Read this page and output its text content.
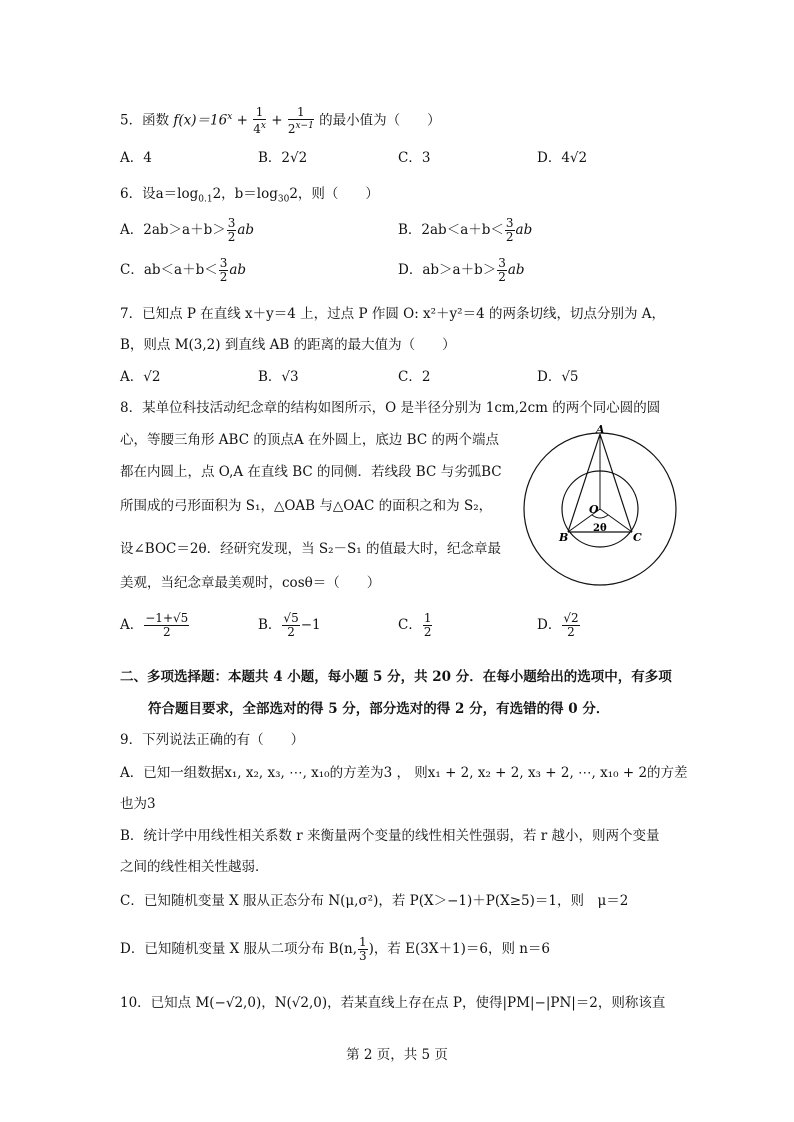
5．函数 $f(x)=16^x + \frac{1}{4^x} + \frac{1}{2^{x-1}}$ 的最小值为（　　）
A．4	B．2√2	C．3	D．4√2
6．设$a=\log_{0.1}2$，$b=\log_{30}2$，则（　　）
A．$2ab>a+b> \frac{3}{2}$ ab	B．$2ab<a+b< \frac{3}{2}$ ab
C．$ab<a+b< \frac{3}{2}$ ab	D．$ab>a+b> \frac{3}{2}$ ab
7．已知点 P 在直线 x＋y＝4 上，过点 P 作圆 O: x²＋y²＝4 的两条切线，切点分别为 A，
B，则点 M(3,2) 到直线 AB 的距离的最大值为（　　）
A．√2	B．√3	C．2	D．√5
8．某单位科技活动纪念章的结构如图所示，O 是半径分别为 1cm,2cm 的两个同心圆的圆
心，等腰三角形 ABC 的顶点A 在外圆上，底边 BC 的两个端点
都在内圆上，点 O,A 在直线 BC 的同侧．若线段 BC 与劣弧BC
所围成的弓形面积为 S₁，△OAB 与△OAC 的面积之和为 S₂，
设∠BOC＝2θ．经研究发现，当 S₂－S₁ 的值最大时，纪念章最
美观，当纪念章最美观时，cosθ＝（　　）
A
O
B	C
2θ
A． $\frac{-1+√5}{2}$	B． $\frac{√5}{2} -1$	C． $\frac{1}{2}$	D． $\frac{√2}{2}$
二、多项选择题：本题共 4 小题，每小题 5 分，共 20 分．在每小题给出的选项中，有多项
符合题目要求，全部选对的得 5 分，部分选对的得 2 分，有选错的得 0 分．
9．下列说法正确的有（　　）
A．已知一组数据x₁, x₂, x₃, ⋯, x₁₀的方差为3 ， 则x₁ + 2, x₂ + 2, x₃ + 2, ⋯, x₁₀ + 2的方差
也为3
B．统计学中用线性相关系数 r 来衡量两个变量的线性相关性强弱，若 r 越小，则两个变量
之间的线性相关性越弱．
C．已知随机变量 X 服从正态分布 N(μ,σ²)，若 P(X＞−1)＋P(X≥5)＝1，则　μ＝2
D．已知随机变量 X 服从二项分布 B(n, $\frac{1}{3}$ )，若 E(3X＋1)＝6，则 n＝6
10．已知点 M(−√2,0)，N(√2,0)，若某直线上存在点 P，使得|PM|−|PN|＝2，则称该直
第 2 页，共 5 页
